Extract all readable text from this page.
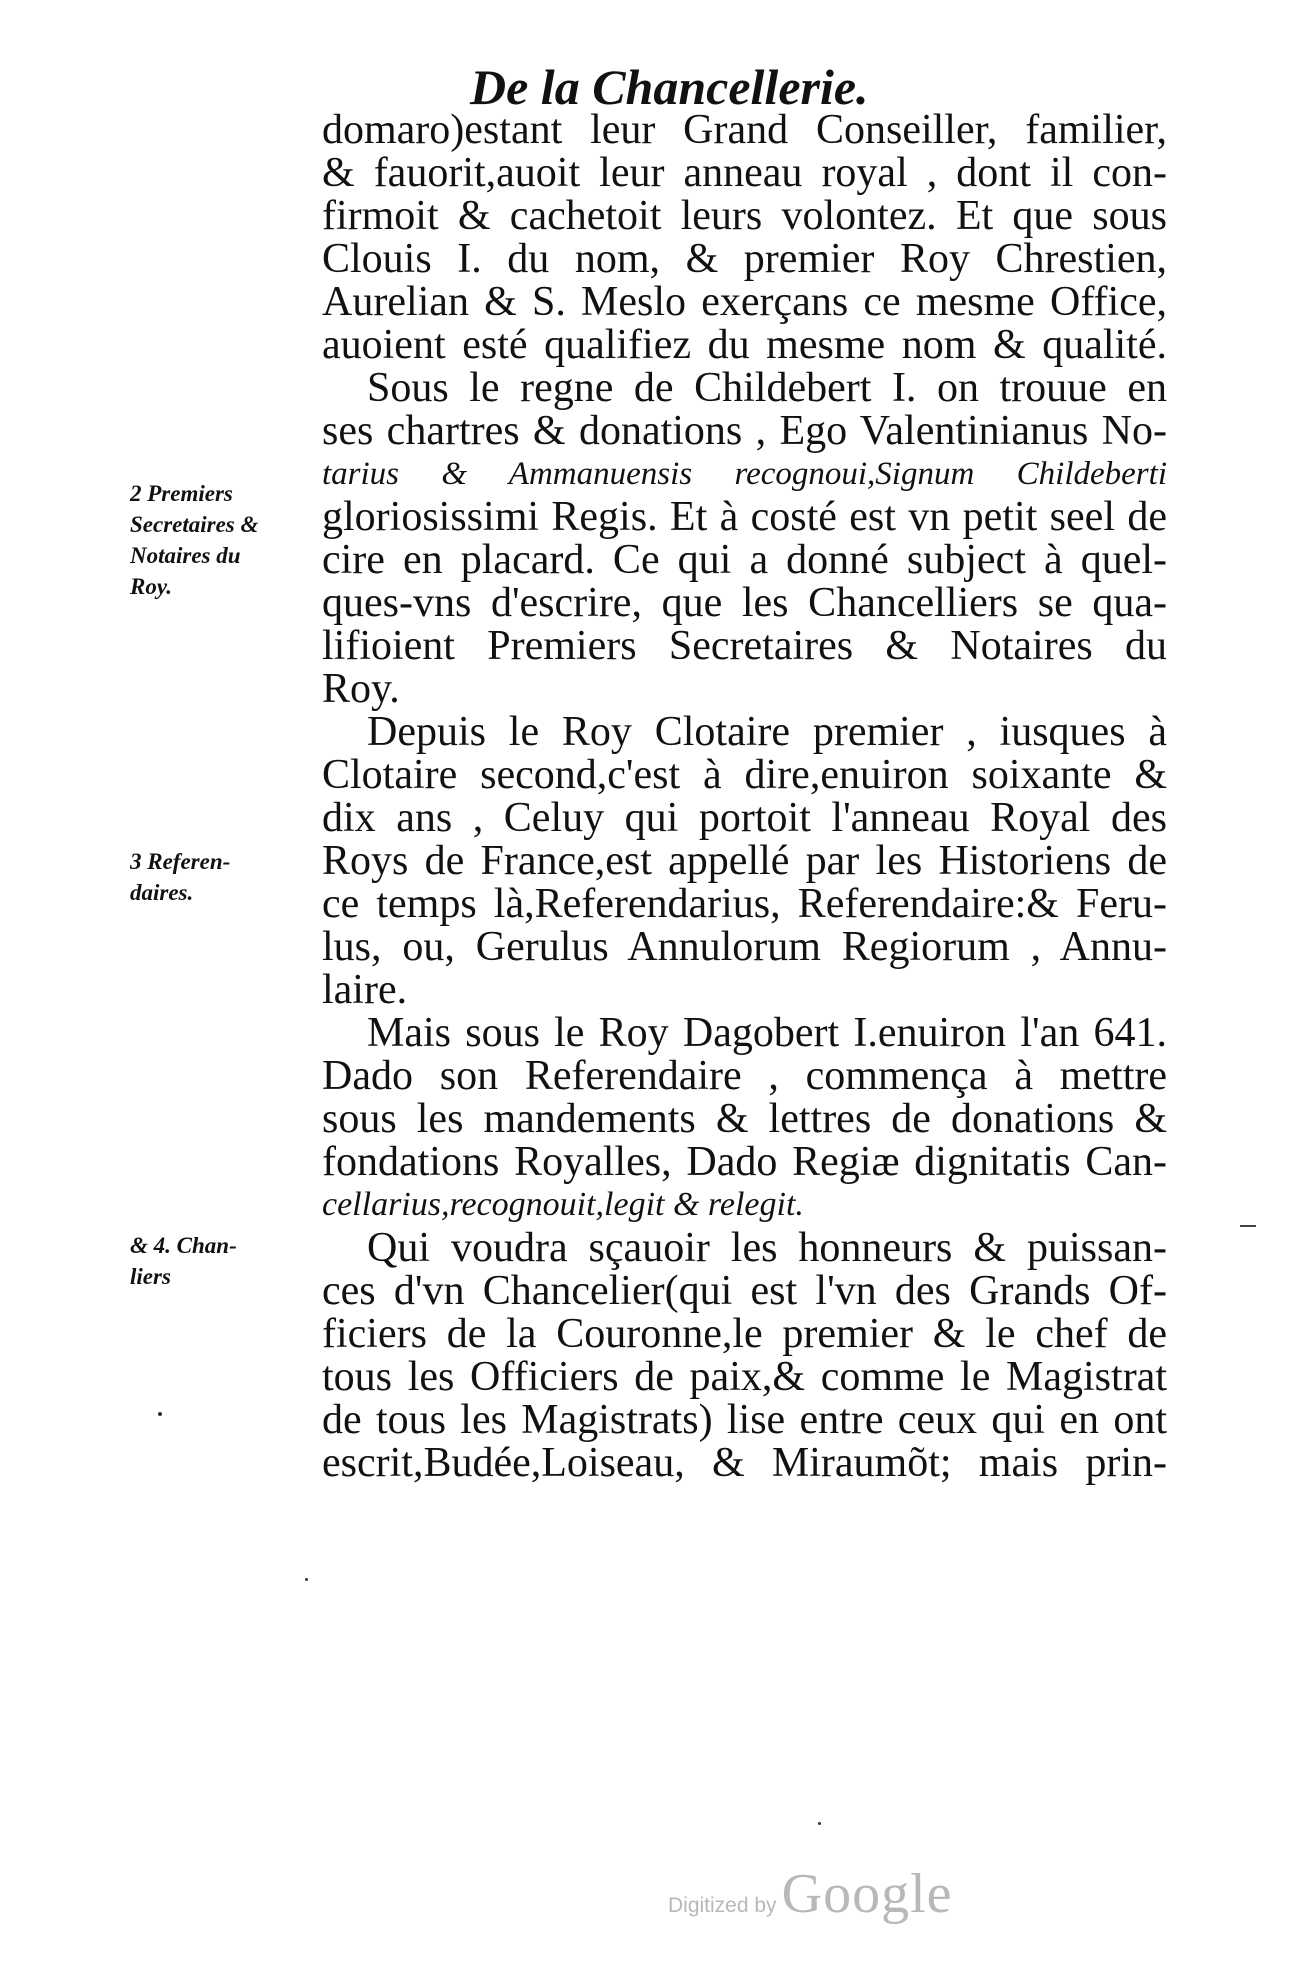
De la Chancellerie.
domaro)estant leur Grand Conseiller, familier,
& fauorit,auoit leur anneau royal , dont il con-
firmoit & cachetoit leurs volontez. Et que sous
Clouis I. du nom, & premier Roy Chrestien,
Aurelian & S. Meslo exerçans ce mesme Office,
auoient esté qualifiez du mesme nom & qualité.
Sous le regne de Childebert I. on trouue en
ses chartres & donations , Ego Valentinianus No-
tarius & Ammanuensis recognoui,Signum Childeberti
gloriosissimi Regis. Et à costé est vn petit seel de
cire en placard. Ce qui a donné subject à quel-
ques-vns d'escrire, que les Chancelliers se qua-
lifioient Premiers Secretaires & Notaires du
Roy.
Depuis le Roy Clotaire premier , iusques à
Clotaire second,c'est à dire,enuiron soixante &
dix ans , Celuy qui portoit l'anneau Royal des
Roys de France,est appellé par les Historiens de
ce temps là,Referendarius, Referendaire:& Feru-
lus, ou, Gerulus Annulorum Regiorum , Annu-
laire.
Mais sous le Roy Dagobert I.enuiron l'an 641.
Dado son Referendaire , commença à mettre
sous les mandements & lettres de donations &
fondations Royalles, Dado Regiæ dignitatis Can-
cellarius,recognouit,legit & relegit.
Qui voudra sçauoir les honneurs & puissan-
ces d'vn Chancelier(qui est l'vn des Grands Of-
ficiers de la Couronne,le premier & le chef de
tous les Officiers de paix,& comme le Magistrat
de tous les Magistrats) lise entre ceux qui en ont
escrit,Budée,Loiseau, & Miraumõt; mais prin-
2 Premiers
Secretaires &
Notaires du
Roy.
3 Referen-
daires.
& 4. Chan-
liers
Digitized by Google
